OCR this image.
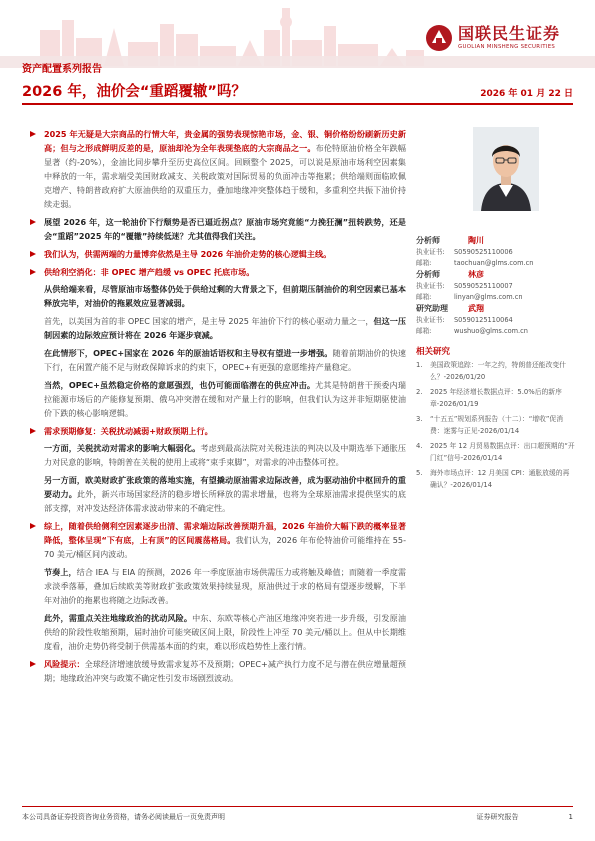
国联民生证券
GUOLIAN MINSHENG SECURITIES
资产配置系列报告
2026 年，油价会“重蹈覆辙”吗？	2026 年 01 月 22 日
2025 年无疑是大宗商品的行情大年，贵金属的强势表现惊艳市场，金、银、铜价格纷纷刷新历史新高；但与之形成鲜明反差的是，原油却沦为全年表现垫底的大宗商品之一。布伦特原油价格全年跌幅显著（约-20%），金油比同步攀升至历史高位区间。回顾整个 2025，可以说是原油市场利空因素集中释放的一年，需求端受美国财政减支、关税政策对国际贸易的负面冲击等拖累；供给端则面临欧佩克增产、特朗普政府扩大原油供给的双重压力，叠加地缘冲突整体趋于缓和，多重利空共振下油价持续走弱。
展望 2026 年，这一轮油价下行颓势是否已逼近拐点？原油市场究竟能“力挽狂澜”扭转跌势，还是会“重蹈”2025 年的“覆辙”持续低迷？尤其值得我们关注。
我们认为，供需两端的力量博弈依然是主导 2026 年油价走势的核心逻辑主线。
供给利空消化：非 OPEC 增产趋缓 vs OPEC 托底市场。
从供给端来看，尽管原油市场整体仍处于供给过剩的大背景之下，但前期压制油价的利空因素已基本释放完毕，对油价的拖累效应显著减弱。
首先，以美国为首的非 OPEC 国家的增产，是主导 2025 年油价下行的核心驱动力量之一，但这一压制因素的边际效应预计将在 2026 年逐步衰减。
在此情形下，OPEC+国家在 2026 年的原油话语权和主导权有望进一步增强。随着前期油价的快速下行，在闲置产能不足与财政保障诉求的约束下，OPEC+有更强的意愿维持产量稳定。
当然，OPEC+虽然稳定价格的意愿强烈，也仍可能面临潜在的供应冲击。尤其是特朗普干预委内瑞拉能源市场后的产能修复预期、俄乌冲突潜在缓和对产量上行的影响，但我们认为这并非短期驱使油价下跌的核心影响逻辑。
需求预期修复：关税扰动减弱+财政预期上行。
一方面，关税扰动对需求的影响大幅弱化。考虑到最高法院对关税违法的判决以及中期选举下通胀压力对民意的影响，特朗普在关税的使用上或将“束手束脚”，对需求的冲击整体可控。
另一方面，欧美财政扩张政策的落地实施，有望撬动原油需求边际改善，成为驱动油价中枢回升的重要动力。此外，新兴市场国家经济的稳步增长所释放的需求增量，也将为全球原油需求提供坚实的底部支撑，对冲发达经济体需求波动带来的不确定性。
综上，随着供给侧利空因素逐步出清、需求端边际改善预期升温，2026 年油价大幅下跌的概率显著降低，整体呈现“下有底，上有顶”的区间震荡格局。我们认为，2026 年布伦特油价可能维持在 55-70 美元/桶区间内波动。
节奏上，结合 IEA 与 EIA 的预测，2026 年一季度原油市场供需压力或将触及峰值；而随着一季度需求淡季落幕，叠加后续欧美等财政扩张政策效果持续显现，原油供过于求的格局有望逐步缓解，下半年对油价的拖累也将随之边际改善。
此外，需重点关注地缘政治的扰动风险。中东、东欧等核心产油区地缘冲突若进一步升级，引发原油供给的阶段性收缩预期，届时油价可能突破区间上限，阶段性上冲至 70 美元/桶以上。但从中长期维度看，油价走势仍将受制于供需基本面的约束，难以形成趋势性上涨行情。
风险提示：全球经济增速放缓导致需求复苏不及预期；OPEC+减产执行力度不足与潜在供应增量超预期；地缘政治冲突与政策不确定性引发市场剧烈波动。
分析师	陶川
执业证书:	S0590525110006
邮箱:	taochuan@glms.com.cn
分析师	林彦
执业证书:	S0590525110007
邮箱:	linyan@glms.com.cn
研究助理	武翔
执业证书:	S0590125110064
邮箱:	wushuo@glms.com.cn
相关研究
1.	美国政策追踪：一年之约，特朗普还能改变什么？-2026/01/20
2.	2025 年经济增长数据点评：5.0%后的新序章-2026/01/19
3.	“十五五”规划系列报告（十二）：“增收”促消费：迷雾与正见-2026/01/14
4.	2025 年 12 月贸易数据点评：出口超预期的“开门红”信号-2026/01/14
5.	海外市场点评：12 月美国 CPI：通胀放缓的再确认？-2026/01/14
本公司具备证券投资咨询业务资格，请务必阅读最后一页免责声明	证券研究报告	1
